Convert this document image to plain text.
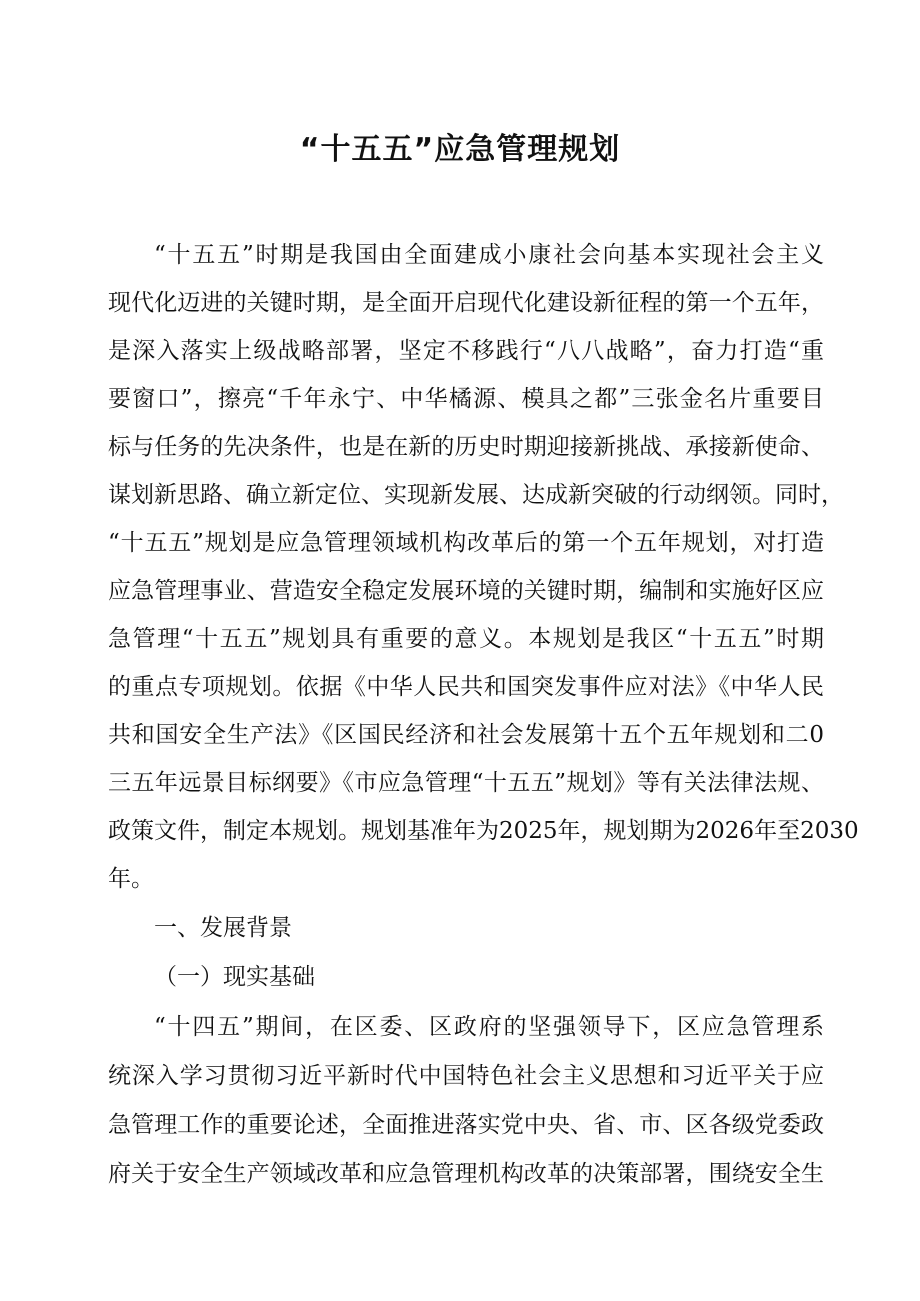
“十五五”应急管理规划

“十五五”时期是我国由全面建成小康社会向基本实现社会主义

现代化迈进的关键时期，是全面开启现代化建设新征程的第一个五年，

是深入落实上级战略部署，坚定不移践行“八八战略”，奋力打造“重

要窗口”，擦亮“千年永宁、中华橘源、模具之都”三张金名片重要目

标与任务的先决条件，也是在新的历史时期迎接新挑战、承接新使命、

谋划新思路、确立新定位、实现新发展、达成新突破的行动纲领。同时，

“十五五”规划是应急管理领域机构改革后的第一个五年规划，对打造

应急管理事业、营造安全稳定发展环境的关键时期，编制和实施好区应

急管理“十五五”规划具有重要的意义。本规划是我区“十五五”时期

的重点专项规划。依据《中华人民共和国突发事件应对法》《中华人民

共和国安全生产法》《区国民经济和社会发展第十五个五年规划和二0

三五年远景目标纲要》《市应急管理“十五五”规划》等有关法律法规、

政策文件，制定本规划。规划基准年为2025年，规划期为2026年至2030

年。

一、发展背景

（一）现实基础

“十四五”期间，在区委、区政府的坚强领导下，区应急管理系

统深入学习贯彻习近平新时代中国特色社会主义思想和习近平关于应

急管理工作的重要论述，全面推进落实党中央、省、市、区各级党委政

府关于安全生产领域改革和应急管理机构改革的决策部署，围绕安全生
